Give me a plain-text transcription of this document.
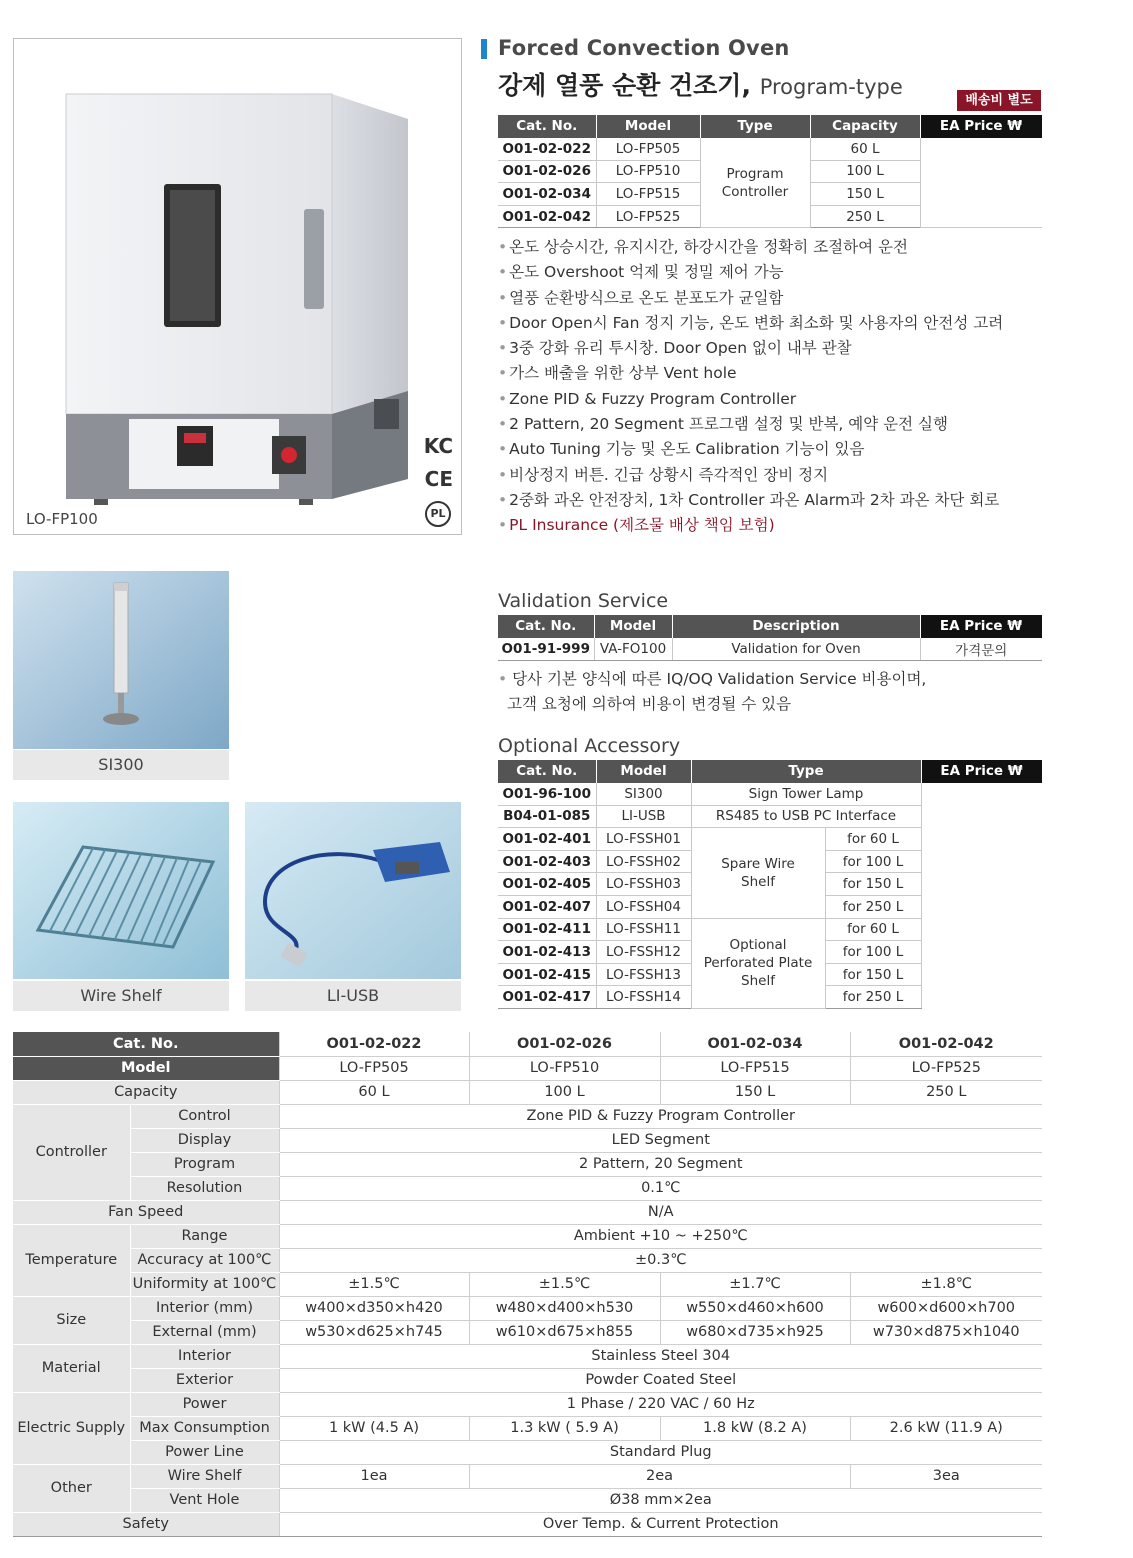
KC
CE
PL
LO-FP100
SI300
Wire Shelf	LI-USB
Forced Convection Oven
강제 열풍 순환 건조기, Program-type
배송비 별도
Cat. No.	Model	Type	Capacity	EA Price ₩
O01-02-022	LO-FP505	Program Controller	60 L	
O01-02-026	LO-FP510		100 L	
O01-02-034	LO-FP515		150 L	
O01-02-042	LO-FP525		250 L	
• 온도 상승시간, 유지시간, 하강시간을 정확히 조절하여 운전
• 온도 Overshoot 억제 및 정밀 제어 가능
• 열풍 순환방식으로 온도 분포도가 균일함
• Door Open시 Fan 정지 기능, 온도 변화 최소화 및 사용자의 안전성 고려
• 3중 강화 유리 투시창. Door Open 없이 내부 관찰
• 가스 배출을 위한 상부 Vent hole
• Zone PID & Fuzzy Program Controller
• 2 Pattern, 20 Segment 프로그램 설정 및 반복, 예약 운전 실행
• Auto Tuning 기능 및 온도 Calibration 기능이 있음
• 비상정지 버튼. 긴급 상황시 즉각적인 장비 정지
• 2중화 과온 안전장치, 1차 Controller 과온 Alarm과 2차 과온 차단 회로
• PL Insurance (제조물 배상 책임 보험)
Validation Service
Cat. No.	Model	Description	EA Price ₩
O01-91-999	VA-FO100	Validation for Oven	가격문의
• 당사 기본 양식에 따른 IQ/OQ Validation Service 비용이며,
고객 요청에 의하여 비용이 변경될 수 있음
Optional Accessory
Cat. No.	Model	Type		EA Price ₩
O01-96-100	SI300	Sign Tower Lamp		
B04-01-085	LI-USB	RS485 to USB PC Interface		
O01-02-401	LO-FSSH01	Spare Wire Shelf	for 60 L	
O01-02-403	LO-FSSH02		for 100 L	
O01-02-405	LO-FSSH03		for 150 L	
O01-02-407	LO-FSSH04		for 250 L	
O01-02-411	LO-FSSH11	Optional Perforated Plate Shelf	for 60 L	
O01-02-413	LO-FSSH12		for 100 L	
O01-02-415	LO-FSSH13		for 150 L	
O01-02-417	LO-FSSH14		for 250 L	
Cat. No.		O01-02-022	O01-02-026	O01-02-034	O01-02-042
Model		LO-FP505	LO-FP510	LO-FP515	LO-FP525
Capacity		60 L	100 L	150 L	250 L
Controller	Control	Zone PID & Fuzzy Program Controller			
	Display	LED Segment			
	Program	2 Pattern, 20 Segment			
	Resolution	0.1℃			
Fan Speed		N/A			
Temperature	Range	Ambient +10 ~ +250℃			
	Accuracy at 100℃	±0.3℃			
	Uniformity at 100℃	±1.5℃	±1.5℃	±1.7℃	±1.8℃
Size	Interior (mm)	w400×d350×h420	w480×d400×h530	w550×d460×h600	w600×d600×h700
	External (mm)	w530×d625×h745	w610×d675×h855	w680×d735×h925	w730×d875×h1040
Material	Interior	Stainless Steel 304			
	Exterior	Powder Coated Steel			
Electric Supply	Power	1 Phase / 220 VAC / 60 Hz			
	Max Consumption	1 kW (4.5 A)	1.3 kW ( 5.9 A)	1.8 kW (8.2 A)	2.6 kW (11.9 A)
	Power Line	Standard Plug			
Other	Wire Shelf	1ea	2ea		3ea
	Vent Hole	Ø38 mm×2ea			
Safety		Over Temp. & Current Protection			
